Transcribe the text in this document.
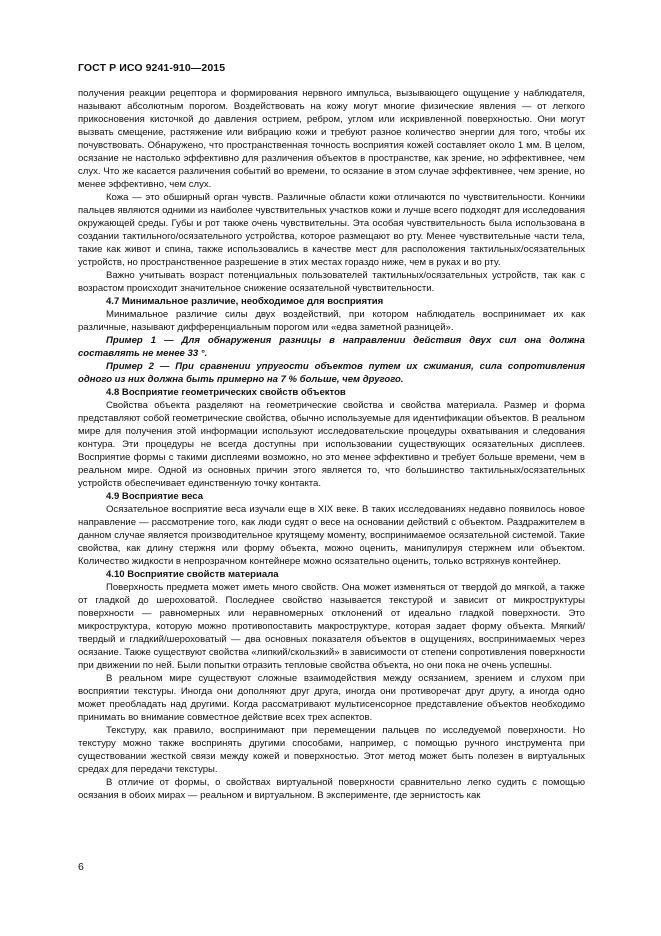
ГОСТ Р ИСО 9241-910—2015

получения реакции рецептора и формирования нервного импульса, вызывающего ощущение у наблюдателя, называют абсолютным порогом. Воздействовать на кожу могут многие физические явления — от легкого прикосновения кисточкой до давления острием, ребром, углом или искривленной поверхностью. Они могут вызвать смещение, растяжение или вибрацию кожи и требуют разное количество энергии для того, чтобы их почувствовать. Обнаружено, что пространственная точность восприятия кожей составляет около 1 мм. В целом, осязание не настолько эффективно для различения объектов в пространстве, как зрение, но эффективнее, чем слух. Что же касается различения событий во времени, то осязание в этом случае эффективнее, чем зрение, но менее эффективно, чем слух.

Кожа — это обширный орган чувств. Различные области кожи отличаются по чувствительности. Кончики пальцев являются одними из наиболее чувствительных участков кожи и лучше всего подходят для исследования окружающей среды. Губы и рот также очень чувствительны. Эта особая чувствительность была использована в создании тактильного/осязательного устройства, которое размещают во рту. Менее чувствительные части тела, такие как живот и спина, также использовались в качестве мест для расположения тактильных/осязательных устройств, но пространственное разрешение в этих местах гораздо ниже, чем в руках и во рту.

Важно учитывать возраст потенциальных пользователей тактильных/осязательных устройств, так как с возрастом происходит значительное снижение осязательной чувствительности.

4.7 Минимальное различие, необходимое для восприятия

Минимальное различие силы двух воздействий, при котором наблюдатель воспринимает их как различные, называют дифференциальным порогом или «едва заметной разницей».

Пример 1 — Для обнаружения разницы в направлении действия двух сил она должна составлять не менее 33 °.

Пример 2 — При сравнении упругости объектов путем их сжимания, сила сопротивления одного из них должна быть примерно на 7 % больше, чем другого.

4.8 Восприятие геометрических свойств объектов

Свойства объекта разделяют на геометрические свойства и свойства материала. Размер и форма представляют собой геометрические свойства, обычно используемые для идентификации объектов. В реальном мире для получения этой информации используют исследовательские процедуры охватывания и следования контура. Эти процедуры не всегда доступны при использовании существующих осязательных дисплеев. Восприятие формы с такими дисплеями возможно, но это менее эффективно и требует больше времени, чем в реальном мире. Одной из основных причин этого является то, что большинство тактильных/осязательных устройств обеспечивает единственную точку контакта.

4.9 Восприятие веса

Осязательное восприятие веса изучали еще в XIX веке. В таких исследованиях недавно появилось новое направление — рассмотрение того, как люди судят о весе на основании действий с объектом. Раздражителем в данном случае является производительное крутящему моменту, воспринимаемое осязательной системой. Такие свойства, как длину стержня или форму объекта, можно оценить, манипулируя стержнем или объектом. Количество жидкости в непрозрачном контейнере можно осязательно оценить, только встряхнув контейнер.

4.10 Восприятие свойств материала

Поверхность предмета может иметь много свойств. Она может изменяться от твердой до мягкой, а также от гладкой до шероховатой. Последнее свойство называется текстурой и зависит от микроструктуры поверхности — равномерных или неравномерных отклонений от идеально гладкой поверхности. Это микроструктура, которую можно противопоставить макроструктуре, которая задает форму объекта. Мягкий/твердый и гладкий/шероховатый — два основных показателя объектов в ощущениях, воспринимаемых через осязание. Также существуют свойства «липкий/скользкий» в зависимости от степени сопротивления поверхности при движении по ней. Были попытки отразить тепловые свойства объекта, но они пока не очень успешны.

В реальном мире существуют сложные взаимодействия между осязанием, зрением и слухом при восприятии текстуры. Иногда они дополняют друг друга, иногда они противоречат друг другу, а иногда одно может преобладать над другими. Когда рассматривают мультисенсорное представление объектов необходимо принимать во внимание совместное действие всех трех аспектов.

Текстуру, как правило, воспринимают при перемещении пальцев по исследуемой поверхности. Но текстуру можно также воспринять другими способами, например, с помощью ручного инструмента при существовании жесткой связи между кожей и поверхностью. Этот метод может быть полезен в виртуальных средах для передачи текстуры.

В отличие от формы, о свойствах виртуальной поверхности сравнительно легко судить с помощью осязания в обоих мирах — реальном и виртуальном. В эксперименте, где зернистость как

6
